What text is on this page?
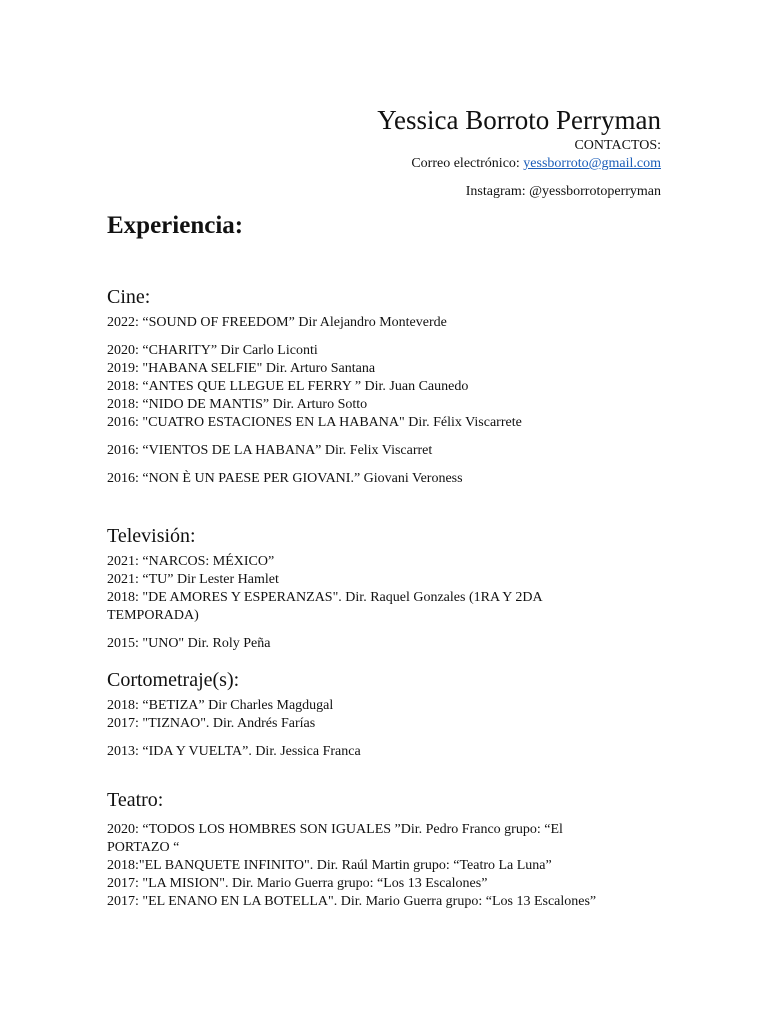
Yessica Borroto Perryman
CONTACTOS:
Correo electrónico: yessborroto@gmail.com
Instagram: @yessborrotoperryman
Experiencia:
Cine:
2022: “SOUND OF FREEDOM” Dir Alejandro Monteverde
2020: “CHARITY” Dir Carlo Liconti
2019: "HABANA SELFIE" Dir. Arturo Santana
2018: “ANTES QUE LLEGUE EL FERRY ” Dir. Juan Caunedo
2018: “NIDO DE MANTIS” Dir. Arturo Sotto
2016: "CUATRO ESTACIONES EN LA HABANA" Dir. Félix Viscarrete
2016: “VIENTOS DE LA HABANA” Dir. Felix Viscarret
2016: “NON È UN PAESE PER GIOVANI.” Giovani Veroness
Televisión:
2021: “NARCOS: MÉXICO”
2021: “TU” Dir Lester Hamlet
2018: "DE AMORES Y ESPERANZAS". Dir. Raquel Gonzales (1RA Y 2DA TEMPORADA)
2015: "UNO" Dir. Roly Peña
Cortometraje(s):
2018: “BETIZA” Dir Charles Magdugal
2017: "TIZNAO". Dir. Andrés Farías
2013: “IDA Y VUELTA”. Dir. Jessica Franca
Teatro:
2020: “TODOS LOS HOMBRES SON IGUALES ”Dir. Pedro Franco grupo: “El PORTAZO “
2018:"EL BANQUETE INFINITO". Dir. Raúl Martin grupo: “Teatro La Luna”
2017: "LA MISION". Dir. Mario Guerra grupo: “Los 13 Escalones”
2017: "EL ENANO EN LA BOTELLA". Dir. Mario Guerra grupo: “Los 13 Escalones”
